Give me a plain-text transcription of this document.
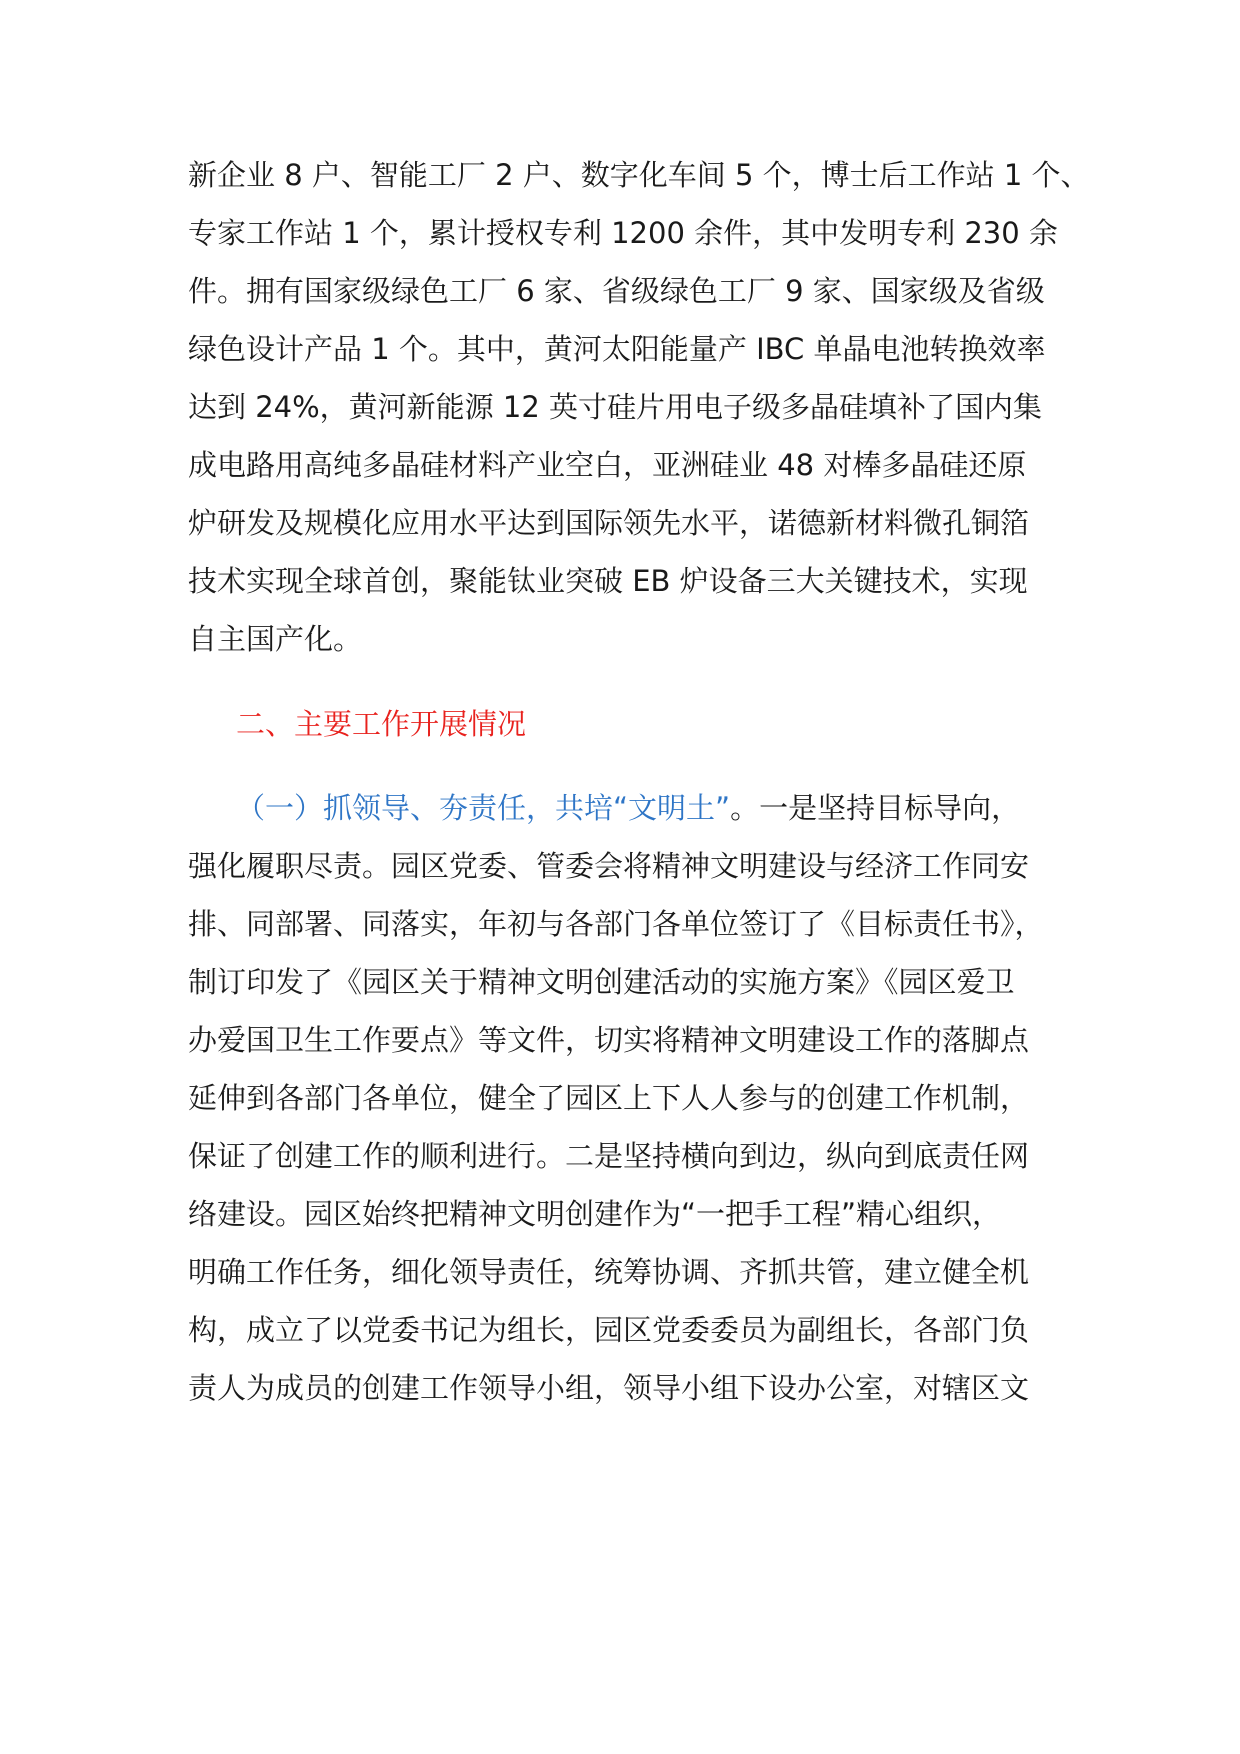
新企业 8 户、智能工厂 2 户、数字化车间 5 个，博士后工作站 1 个、
专家工作站 1 个，累计授权专利 1200 余件，其中发明专利 230 余
件。拥有国家级绿色工厂 6 家、省级绿色工厂 9 家、国家级及省级
绿色设计产品 1 个。其中，黄河太阳能量产 IBC 单晶电池转换效率
达到 24%，黄河新能源 12 英寸硅片用电子级多晶硅填补了国内集
成电路用高纯多晶硅材料产业空白，亚洲硅业 48 对棒多晶硅还原
炉研发及规模化应用水平达到国际领先水平，诺德新材料微孔铜箔
技术实现全球首创，聚能钛业突破 EB 炉设备三大关键技术，实现
自主国产化。
二、主要工作开展情况
（一）抓领导、夯责任，共培“文明土”。一是坚持目标导向，
强化履职尽责。园区党委、管委会将精神文明建设与经济工作同安
排、同部署、同落实，年初与各部门各单位签订了《目标责任书》，
制订印发了《园区关于精神文明创建活动的实施方案》《园区爱卫
办爱国卫生工作要点》等文件，切实将精神文明建设工作的落脚点
延伸到各部门各单位，健全了园区上下人人参与的创建工作机制，
保证了创建工作的顺利进行。二是坚持横向到边，纵向到底责任网
络建设。园区始终把精神文明创建作为“一把手工程”精心组织，
明确工作任务，细化领导责任，统筹协调、齐抓共管，建立健全机
构，成立了以党委书记为组长，园区党委委员为副组长，各部门负
责人为成员的创建工作领导小组，领导小组下设办公室，对辖区文
